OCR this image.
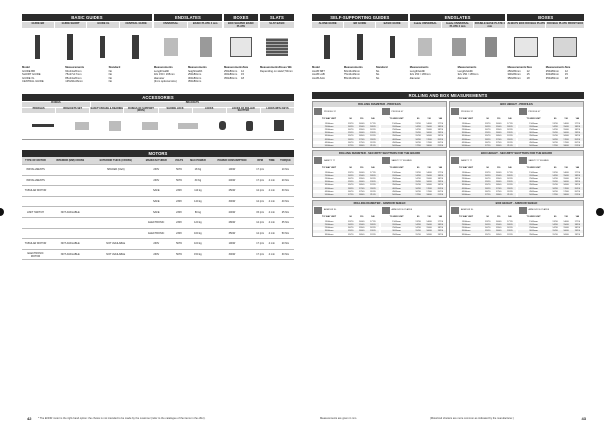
BASIC GUIDES
GUIDE BR	GUIDE SHORT	GUIDE XL	CENTRAL GUIDE
Model	Measurements	Standard
GUIDE BR	60x44x26mm	No
SHORT GUIDE	75x27x17mm	No
GUIDE XL	85x44x26mm	No
CENTRAL GUIDE	135x60x26mm	No
ENDSLATES
UNIVERSAL	BASIC PLATE 4 mm
Measurements
Length/width
32x 150 / 165mm
diameter
(from optional size)
Measurements
height/width
250x80mm
300x80mm
350x80mm
BOXES
BOX SHAPED BASIC PLATE
Measurements Size
250x80mm	12
300x80mm	15
350x80mm	18
SLATS
SLAT BASIC
Measurements Roses Wk
Depending on slats 7,50mm
ACCESSORIES
FIXINGS	BRACKETS
PROFILES	BRACKETS SET	SAFETY BRAKE & BEARING	FIXINGS OF SUPPORT (IRON)
SLIDING LOCK	LOCKS	LOCKS OF ROLLER SHUTTER
LOCKS WITH KEYS
MOTORS
TYPE OF MOTOR	INTERIOR (MM) CROSS	EXTERIOR THICK (CROSS)	MANUFACTURER	VOLTS	MAX POWER	POWER CONSUMPTION	RPM	TIME	TORQUE
INSTALLMENTS		SPACER (Cleft)	230V	50Hz	18 Kg	190W	17 rpm		10 Nm
INSTALLMENTS			230V	50Hz	30 Kg	200W	17 rpm	4 min	20 Nm
TUBULAR MOTOR			SAFE	230V	110 kg	250W	12 rpm	4 min	30 Nm
			SAFE	230V	140 kg	300W	12 rpm	4 min	40 Nm
LIMIT SWITCH	NOT AVAILABLE		SAFE	230V	80 kg	200W	15 rpm	4 min	25 Nm
			ELECTRONIC	230V	120 kg	280W	12 rpm	4 min	35 Nm
			ELECTRONIC	230V	160 kg	350W	12 rpm	4 min	50 Nm
TUBULAR MOTOR	NOT AVAILABLE	NOT AVAILABLE	230V	50Hz	100 kg	190W	17 rpm	4 min	20 Nm
ELECTRONIC MOTOR	NOT AVAILABLE	NOT AVAILABLE	230V	50Hz	150 kg	300W	17 rpm	4 min	30 Nm
* The ENOR motor is the right-hand option: the choice is not intended to be made by the customer (refer to the catalogue of the items in the offer).
42
SELF-SUPPORTING GUIDES
ALONE GUIDE	BR GUIDE	BASIC GUIDE
Model	Measurements	Standard
ALAB SBT	60x44x26mm	No
ALAB LAB	75x44x26mm	No
ALAB AAA	85x44x26mm	No
ENDSLATES
Guide UNIVERSAL	Guide UNIVERSAL PLATE 4 mm
DOUBLE BASE PLATE 4 mm
Measurements	Measurements
Length/width	Length/width
32x 150 / 165mm	32x 150 / 165mm
diameter	diameter
BOXES
ALWAYS BOX DOUBLE PLATE DOUBLE PLATE FRONT BOX
Measurements Size	Measurements Size
250x80mm	12	250x80mm	12
300x80mm	15	300x80mm	15
350x80mm	18	350x80mm	18
ROLLING AND BOX MEASUREMENTS
ROLLING DIAMETER - PROFILES
PROFILE 37
TO WAY UNIT	90	110	140
1500mm	137/0	140/0	177/0
2000mm	142/0	150/0	182/0
2500mm	147/0	155/0	187/0
3000mm	152/0	160/0	192/0
3500mm	157/0	165/0	197/0
4000mm	162/0	170/0	202/0
4500mm	167/0	175/0	207/0
5000mm	172/0	180/0	212/0
PROFILE 47
TO WAY UNIT	90	110	140
1500mm	137/0	140/0	177/0
2000mm	142/0	150/0	182/0
2500mm	147/0	155/0	187/0
3000mm	152/0	160/0	192/0
3500mm	157/0	165/0	197/0
4000mm	162/0	170/0	202/0
4500mm	167/0	175/0	207/0
5000mm	172/0	180/0	212/0
BOX HEIGHT - PROFILES
PROFILE 37
TO WAY UNIT	90	110	140
1500mm	137/0	140/0	177/0
2000mm	142/0	150/0	182/0
2500mm	147/0	155/0	187/0
3000mm	152/0	160/0	192/0
3500mm	157/0	165/0	197/0
4000mm	162/0	170/0	202/0
4500mm	167/0	175/0	207/0
5000mm	172/0	180/0	212/0
PROFILE 47
TO WAY UNIT	90	110	140
1500mm	137/0	140/0	177/0
2000mm	142/0	150/0	182/0
2500mm	147/0	155/0	187/0
3000mm	152/0	160/0	192/0
3500mm	157/0	165/0	197/0
4000mm	162/0	170/0	202/0
4500mm	167/0	175/0	207/0
5000mm	172/0	180/0	212/0
ROLLING DIAMETER - SECURITY SHUTTERS FOR THE BOARD
SAFETY 77
TO WAY UNIT	90	110	140
1500mm	137/0	140/0	177/0
2000mm	142/0	150/0	182/0
2500mm	147/0	155/0	187/0
3000mm	152/0	160/0	192/0
3500mm	157/0	165/0	197/0
4000mm	162/0	170/0	202/0
4500mm	167/0	175/0	207/0
5000mm	172/0	180/0	212/0
SAFETY 77 KLEMEN
TO WAY UNIT	90	110	140
1500mm	137/0	140/0	177/0
2000mm	142/0	150/0	182/0
2500mm	147/0	155/0	187/0
3000mm	152/0	160/0	192/0
3500mm	157/0	165/0	197/0
4000mm	162/0	170/0	202/0
4500mm	167/0	175/0	207/0
5000mm	172/0	180/0	212/0
BOX HEIGHT - SECURITY SHUTTERS FOR THE BOARD
SAFETY 77
TO WAY UNIT	90	110	140
1500mm	137/0	140/0	177/0
2000mm	142/0	150/0	182/0
2500mm	147/0	155/0	187/0
3000mm	152/0	160/0	192/0
3500mm	157/0	165/0	197/0
4000mm	162/0	170/0	202/0
4500mm	167/0	175/0	207/0
5000mm	172/0	180/0	212/0
SAFETY 77 KLEMEN
TO WAY UNIT	90	110	140
1500mm	137/0	140/0	177/0
2000mm	142/0	150/0	182/0
2500mm	147/0	155/0	187/0
3000mm	152/0	160/0	192/0
3500mm	157/0	165/0	197/0
4000mm	162/0	170/0	202/0
4500mm	167/0	175/0	207/0
5000mm	172/0	180/0	212/0
ROLLING DIAMETER - ARMOUR SHIELD
ARMOUR SL
TO WAY UNIT	90	110	140
1500mm	137/0	140/0	177/0
2000mm	142/0	150/0	182/0
2500mm	147/0	155/0	187/0
3000mm	152/0	160/0	192/0
3500mm	157/0	165/0	197/0
ARMOUR SL PLATES
TO WAY UNIT	90	110	140
1500mm	137/0	140/0	177/0
2000mm	142/0	150/0	182/0
2500mm	147/0	155/0	187/0
3000mm	152/0	160/0	192/0
3500mm	157/0	165/0	197/0
BOX HEIGHT - ARMOUR SHIELD
ARMOUR SL
TO WAY UNIT	90	110	140
1500mm	137/0	140/0	177/0
2000mm	142/0	150/0	182/0
2500mm	147/0	155/0	187/0
3000mm	152/0	160/0	192/0
3500mm	157/0	165/0	197/0
ARMOUR SL PLATES
TO WAY UNIT	90	110	140
1500mm	137/0	140/0	177/0
2000mm	142/0	150/0	182/0
2500mm	147/0	155/0	187/0
3000mm	152/0	160/0	192/0
3500mm	157/0	165/0	197/0
Measurements are given in mm.	(Motorized shutters are more common as indicated by the manufacturer.)	43
